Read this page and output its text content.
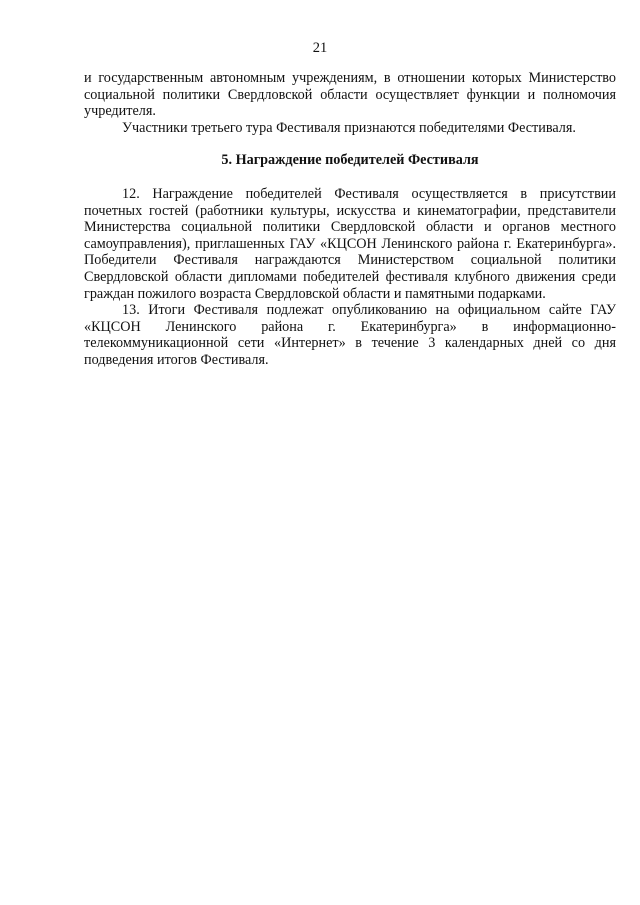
21

и государственным автономным учреждениям, в отношении которых Министерство социальной политики Свердловской области осуществляет функции и полномочия учредителя.

Участники третьего тура Фестиваля признаются победителями Фестиваля.

5. Награждение победителей Фестиваля

12. Награждение победителей Фестиваля осуществляется в присутствии почетных гостей (работники культуры, искусства и кинематографии, представители Министерства социальной политики Свердловской области и органов местного самоуправления), приглашенных ГАУ «КЦСОН Ленинского района г. Екатеринбурга». Победители Фестиваля награждаются Министерством социальной политики Свердловской области дипломами победителей фестиваля клубного движения среди граждан пожилого возраста Свердловской области и памятными подарками.

13. Итоги Фестиваля подлежат опубликованию на официальном сайте ГАУ «КЦСОН Ленинского района г. Екатеринбурга» в информационно-телекоммуникационной сети «Интернет» в течение 3 календарных дней со дня подведения итогов Фестиваля.
